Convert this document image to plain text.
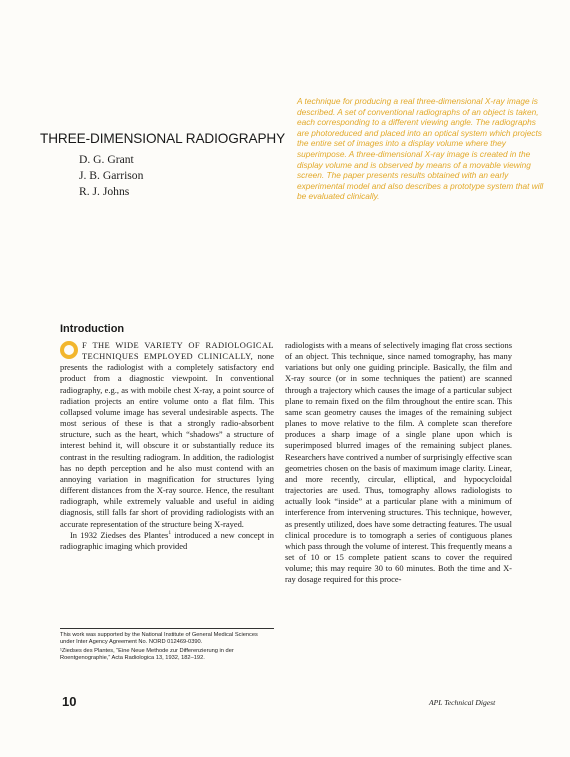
A technique for producing a real three-dimensional X-ray image is described. A set of conventional radiographs of an object is taken, each corresponding to a different viewing angle. The radiographs are photoreduced and placed into an optical system which projects the entire set of images into a display volume where they superimpose. A three-dimensional X-ray image is created in the display volume and is observed by means of a movable viewing screen. The paper presents results obtained with an early experimental model and also describes a prototype system that will be evaluated clinically.

THREE-DIMENSIONAL RADIOGRAPHY
D. G. Grant
J. B. Garrison
R. J. Johns
Introduction

F THE WIDE VARIETY OF RADIOLOGICAL TECHNIQUES EMPLOYED CLINICALLY, none presents the radiologist with a completely satisfactory end product from a diagnostic viewpoint. In conventional radiography, e.g., as with mobile chest X-ray, a point source of radiation projects an entire volume onto a flat film. This collapsed volume image has several undesirable aspects. The most serious of these is that a strongly radio-absorbent structure, such as the heart, which “shadows” a structure of interest behind it, will obscure it or substantially reduce its contrast in the resulting radiogram. In addition, the radiologist has no depth perception and he also must contend with an annoying variation in magnification for structures lying different distances from the X-ray source. Hence, the resultant radiograph, while extremely valuable and useful in aiding diagnosis, still falls far short of providing radiologists with an accurate representation of the structure being X-rayed.

In 1932 Ziedses des Plantes$^1$ introduced a new concept in radiographic imaging which provided

radiologists with a means of selectively imaging flat cross sections of an object. This technique, since named tomography, has many variations but only one guiding principle. Basically, the film and X-ray source (or in some techniques the patient) are scanned through a trajectory which causes the image of a particular subject plane to remain fixed on the film throughout the entire scan. This same scan geometry causes the images of the remaining subject planes to move relative to the film. A complete scan therefore produces a sharp image of a single plane upon which is superimposed blurred images of the remaining subject planes. Researchers have contrived a number of surprisingly effective scan geometries chosen on the basis of maximum image clarity. Linear, and more recently, circular, elliptical, and hypocycloidal trajectories are used. Thus, tomography allows radiologists to actually look “inside” at a particular plane with a minimum of interference from intervening structures. This technique, however, as presently utilized, does have some detracting features. The usual clinical procedure is to tomograph a series of contiguous planes which pass through the volume of interest. This frequently means a set of 10 or 15 complete patient scans to cover the required volume; this may require 30 to 60 minutes. Both the time and X-ray dosage required for this proce-

This work was supported by the National Institute of General Medical Sciences under Inter Agency Agreement No. NORD 012469-0390.

¹Ziedses des Plantes, “Eine Neue Methode zur Differenzierung in der Roentgenographie,” Acta Radiologica 13, 1932, 182–192.

10	APL Technical Digest
